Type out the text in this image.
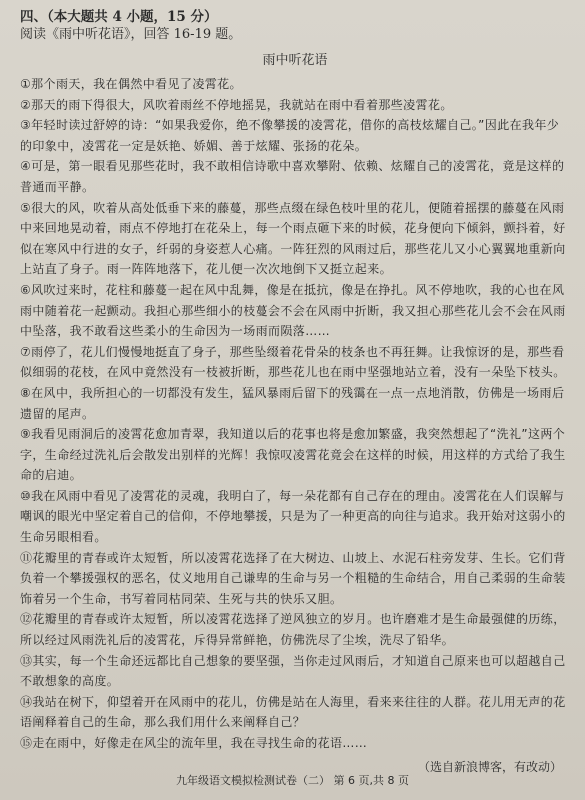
四、（本大题共 4 小题，15 分）

阅读《雨中听花语》，回答 16-19 题。

雨中听花语

①那个雨天，我在偶然中看见了凌霄花。

②那天的雨下得很大，风吹着雨丝不停地摇晃，我就站在雨中看着那些凌霄花。

③年轻时读过舒婷的诗：“如果我爱你，绝不像攀援的凌霄花，借你的高枝炫耀自己。”因此在我年少的印象中，凌霄花一定是妖艳、娇媚、善于炫耀、张扬的花朵。

④可是，第一眼看见那些花时，我不敢相信诗歌中喜欢攀附、依赖、炫耀自己的凌霄花，竟是这样的普通而平静。

⑤很大的风，吹着从高处低垂下来的藤蔓，那些点缀在绿色枝叶里的花儿，便随着摇摆的藤蔓在风雨中来回地晃动着，雨点不停地打在花朵上，每一个雨点砸下来的时候，花身便向下倾斜，颤抖着，好似在寒风中行进的女子，纤弱的身姿惹人心痛。一阵狂烈的风雨过后，那些花儿又小心翼翼地重新向上站直了身子。雨一阵阵地落下，花儿便一次次地倒下又挺立起来。

⑥风吹过来时，花柱和藤蔓一起在风中乱舞，像是在抵抗，像是在挣扎。风不停地吹，我的心也在风雨中随着花一起颤动。我担心那些细小的枝蔓会不会在风雨中折断，我又担心那些花儿会不会在风雨中坠落，我不敢看这些柔小的生命因为一场雨而陨落……

⑦雨停了，花儿们慢慢地挺直了身子，那些坠缀着花骨朵的枝条也不再狂舞。让我惊讶的是，那些看似细弱的花枝，在风中竟然没有一枝被折断，那些花儿也在雨中坚强地站立着，没有一朵坠下枝头。

⑧在风中，我所担心的一切都没有发生，猛风暴雨后留下的残霭在一点一点地消散，仿佛是一场雨后遗留的尾声。

⑨我看见雨洞后的凌霄花愈加青翠，我知道以后的花事也将是愈加繁盛，我突然想起了“洗礼”这两个字，生命经过洗礼后会散发出别样的光辉！我惊叹凌霄花竟会在这样的时候，用这样的方式给了我生命的启迪。

⑩我在风雨中看见了凌霄花的灵魂，我明白了，每一朵花都有自己存在的理由。凌霄花在人们误解与嘲讽的眼光中坚定着自己的信仰，不停地攀援，只是为了一种更高的向往与追求。我开始对这弱小的生命另眼相看。

⑪花瓣里的青春或许太短暂，所以凌霄花选择了在大树边、山坡上、水泥石柱旁发芽、生长。它们背负着一个攀援强权的恶名，仗义地用自己谦卑的生命与另一个粗糙的生命结合，用自己柔弱的生命装饰着另一个生命，书写着同枯同荣、生死与共的快乐又胆。

⑫花瓣里的青春或许太短暂，所以凌霄花选择了逆风独立的岁月。也许磨难才是生命最强健的历练，所以经过风雨洗礼后的凌霄花，斥得异常鲜艳，仿佛洗尽了尘埃，洗尽了铅华。

⑬其实，每一个生命还远都比自己想象的要坚强，当你走过风雨后，才知道自己原来也可以超越自己不敢想象的高度。

⑭我站在树下，仰望着开在风雨中的花儿，仿佛是站在人海里，看来来往往的人群。花儿用无声的花语阐释着自己的生命，那么我们用什么来阐释自己？

⑮走在雨中，好像走在风尘的流年里，我在寻找生命的花语……

（选自新浪博客，有改动）

九年级语文模拟检测试卷（二） 第 6 页,共 8 页
